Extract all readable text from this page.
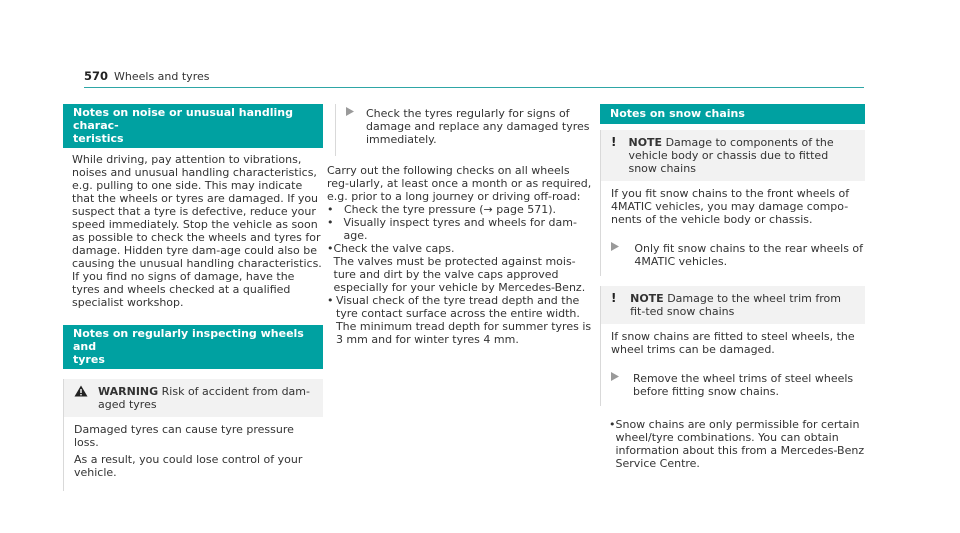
570 Wheels and tyres
Notes on noise or unusual handling charac-
teristics

While driving, pay attention to vibrations, noises and unusual handling characteristics, e.g. pulling to one side. This may indicate that the wheels or tyres are damaged. If you suspect that a tyre is defective, reduce your speed immediately. Stop the vehicle as soon as possible to check the wheels and tyres for damage. Hidden tyre dam-age could also be causing the unusual handling characteristics. If you find no signs of damage, have the tyres and wheels checked at a qualified specialist workshop.

Notes on regularly inspecting wheels and
tyres
WARNING Risk of accident from dam-
aged tyres

Damaged tyres can cause tyre pressure loss.

As a result, you could lose control of your vehicle.

Check the tyres regularly for signs of damage and replace any damaged tyres immediately.

Carry out the following checks on all wheels reg-ularly, at least once a month or as required, e.g. prior to a long journey or driving off-road:

• Check the tyre pressure (→ page 571).
• Visually inspect tyres and wheels for dam-age.
• Check the valve caps.
The valves must be protected against mois-ture and dirt by the valve caps approved especially for your vehicle by Mercedes-Benz.
• Visual check of the tyre tread depth and the tyre contact surface across the entire width.
The minimum tread depth for summer tyres is 3 mm and for winter tyres 4 mm.
Notes on snow chains
! NOTE Damage to components of the vehicle body or chassis due to fitted snow chains

If you fit snow chains to the front wheels of 4MATIC vehicles, you may damage compo-nents of the vehicle body or chassis.

Only fit snow chains to the rear wheels of 4MATIC vehicles.
! NOTE Damage to the wheel trim from fit-ted snow chains

If snow chains are fitted to steel wheels, the wheel trims can be damaged.

Remove the wheel trims of steel wheels before fitting snow chains.
• Snow chains are only permissible for certain wheel/tyre combinations. You can obtain information about this from a Mercedes-Benz Service Centre.
